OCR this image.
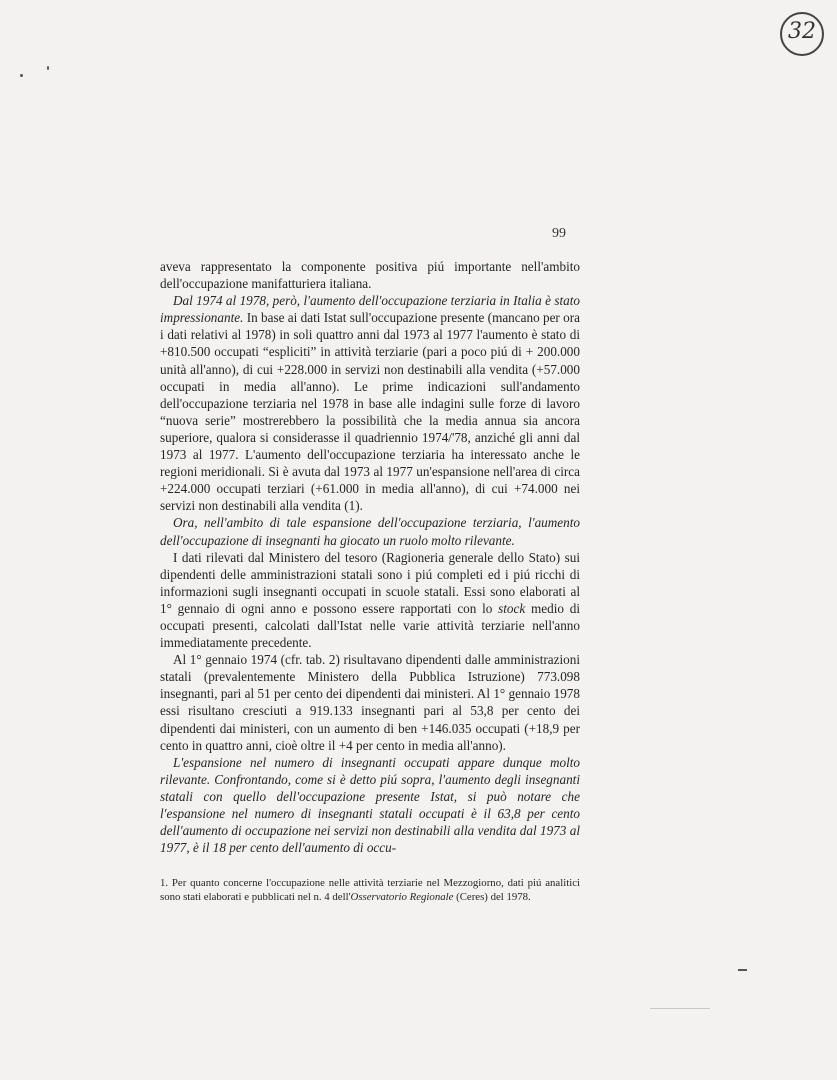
32
99

aveva rappresentato la componente positiva piú importante nell'ambito dell'occupazione manifatturiera italiana.

Dal 1974 al 1978, però, l'aumento dell'occupazione terziaria in Italia è stato impressionante. In base ai dati Istat sull'occupazione presente (mancano per ora i dati relativi al 1978) in soli quattro anni dal 1973 al 1977 l'aumento è stato di +810.500 occupati “espliciti” in attività terziarie (pari a poco piú di + 200.000 unità all'anno), di cui +228.000 in servizi non destinabili alla vendita (+57.000 occupati in media all'anno). Le prime indicazioni sull'andamento dell'occupazione terziaria nel 1978 in base alle indagini sulle forze di lavoro “nuova serie” mostrerebbero la possibilità che la media annua sia ancora superiore, qualora si considerasse il quadriennio 1974/'78, anziché gli anni dal 1973 al 1977. L'aumento dell'occupazione terziaria ha interessato anche le regioni meridionali. Si è avuta dal 1973 al 1977 un'espansione nell'area di circa +224.000 occupati terziari (+61.000 in media all'anno), di cui +74.000 nei servizi non destinabili alla vendita (1).

Ora, nell'ambito di tale espansione dell'occupazione terziaria, l'aumento dell'occupazione di insegnanti ha giocato un ruolo molto rilevante.

I dati rilevati dal Ministero del tesoro (Ragioneria generale dello Stato) sui dipendenti delle amministrazioni statali sono i piú completi ed i piú ricchi di informazioni sugli insegnanti occupati in scuole statali. Essi sono elaborati al 1° gennaio di ogni anno e possono essere rapportati con lo stock medio di occupati presenti, calcolati dall'Istat nelle varie attività terziarie nell'anno immediatamente precedente.

Al 1° gennaio 1974 (cfr. tab. 2) risultavano dipendenti dalle amministrazioni statali (prevalentemente Ministero della Pubblica Istruzione) 773.098 insegnanti, pari al 51 per cento dei dipendenti dai ministeri. Al 1° gennaio 1978 essi risultano cresciuti a 919.133 insegnanti pari al 53,8 per cento dei dipendenti dai ministeri, con un aumento di ben +146.035 occupati (+18,9 per cento in quattro anni, cioè oltre il +4 per cento in media all'anno).

L'espansione nel numero di insegnanti occupati appare dunque molto rilevante. Confrontando, come si è detto piú sopra, l'aumento degli insegnanti statali con quello dell'occupazione presente Istat, si può notare che l'espansione nel numero di insegnanti statali occupati è il 63,8 per cento dell'aumento di occupazione nei servizi non destinabili alla vendita dal 1973 al 1977, è il 18 per cento dell'aumento di occu-

1. Per quanto concerne l'occupazione nelle attività terziarie nel Mezzogiorno, dati piú analitici sono stati elaborati e pubblicati nel n. 4 dell'Osservatorio Regionale (Ceres) del 1978.
